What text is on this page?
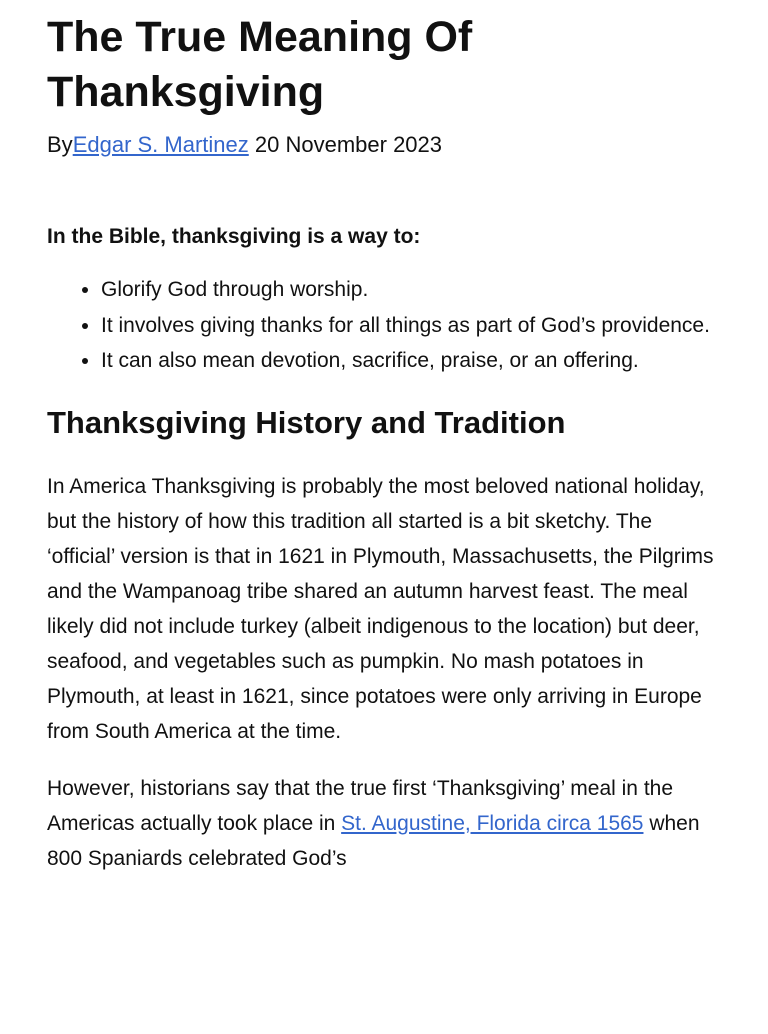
The True Meaning Of Thanksgiving
ByEdgar S. Martinez 20 November 2023
In the Bible, thanksgiving is a way to:
• Glorify God through worship.
• It involves giving thanks for all things as part of God’s providence.
• It can also mean devotion, sacrifice, praise, or an offering.
Thanksgiving History and Tradition

In America Thanksgiving is probably the most beloved national holiday, but the history of how this tradition all started is a bit sketchy. The ‘official’ version is that in 1621 in Plymouth, Massachusetts, the Pilgrims and the Wampanoag tribe shared an autumn harvest feast. The meal likely did not include turkey (albeit indigenous to the location) but deer, seafood, and vegetables such as pumpkin. No mash potatoes in Plymouth, at least in 1621, since potatoes were only arriving in Europe from South America at the time.

However, historians say that the true first ‘Thanksgiving’ meal in the Americas actually took place in St. Augustine, Florida circa 1565 when 800 Spaniards celebrated God’s
